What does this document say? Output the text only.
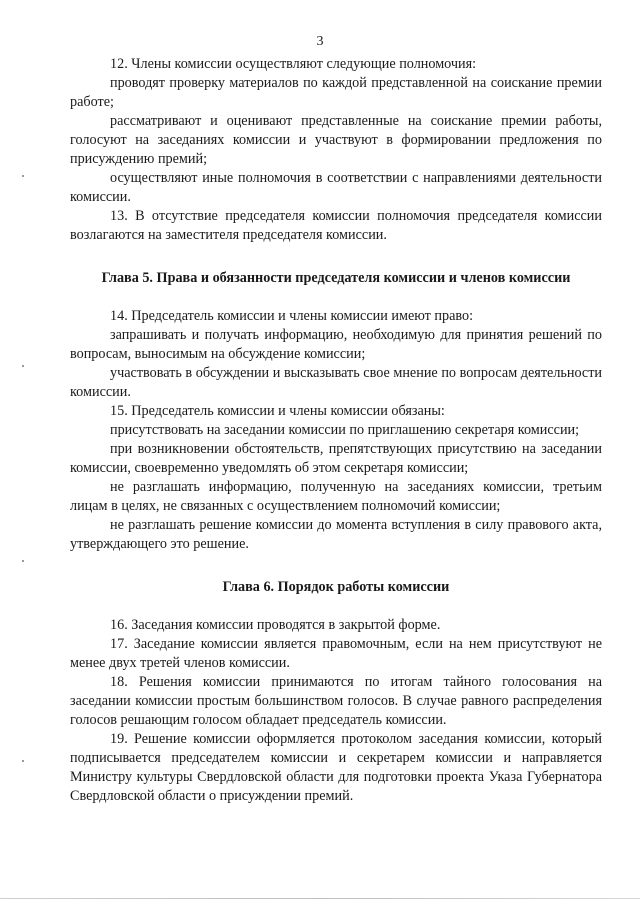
3

12. Члены комиссии осуществляют следующие полномочия:

проводят проверку материалов по каждой представленной на соискание премии работе;

рассматривают и оценивают представленные на соискание премии работы, голосуют на заседаниях комиссии и участвуют в формировании предложения по присуждению премий;

осуществляют иные полномочия в соответствии с направлениями деятельности комиссии.

13. В отсутствие председателя комиссии полномочия председателя комиссии возлагаются на заместителя председателя комиссии.

Глава 5. Права и обязанности председателя комиссии и членов комиссии

14. Председатель комиссии и члены комиссии имеют право:

запрашивать и получать информацию, необходимую для принятия решений по вопросам, выносимым на обсуждение комиссии;

участвовать в обсуждении и высказывать свое мнение по вопросам деятельности комиссии.

15. Председатель комиссии и члены комиссии обязаны:

присутствовать на заседании комиссии по приглашению секретаря комиссии;

при возникновении обстоятельств, препятствующих присутствию на заседании комиссии, своевременно уведомлять об этом секретаря комиссии;

не разглашать информацию, полученную на заседаниях комиссии, третьим лицам в целях, не связанных с осуществлением полномочий комиссии;

не разглашать решение комиссии до момента вступления в силу правового акта, утверждающего это решение.

Глава 6. Порядок работы комиссии

16. Заседания комиссии проводятся в закрытой форме.

17. Заседание комиссии является правомочным, если на нем присутствуют не менее двух третей членов комиссии.

18. Решения комиссии принимаются по итогам тайного голосования на заседании комиссии простым большинством голосов. В случае равного распределения голосов решающим голосом обладает председатель комиссии.

19. Решение комиссии оформляется протоколом заседания комиссии, который подписывается председателем комиссии и секретарем комиссии и направляется Министру культуры Свердловской области для подготовки проекта Указа Губернатора Свердловской области о присуждении премий.
